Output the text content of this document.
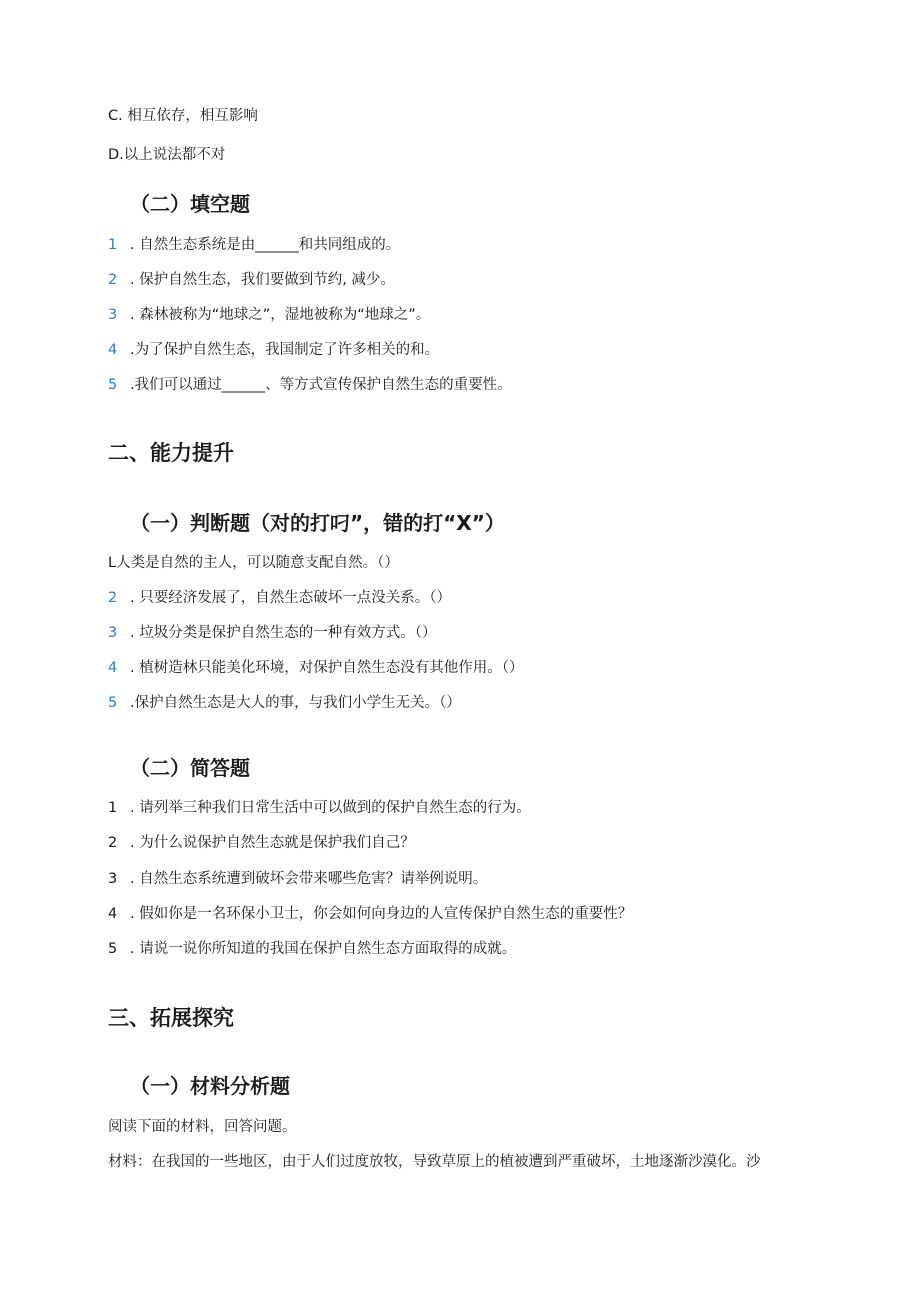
C. 相互依存，相互影响
D.以上说法都不对
（二）填空题
1 . 自然生态系统是由______和共同组成的。
2 . 保护自然生态，我们要做到节约, 减少。
3 . 森林被称为“地球之”，湿地被称为“地球之”。
4 .为了保护自然生态，我国制定了许多相关的和。
5 .我们可以通过______、等方式宣传保护自然生态的重要性。
二、能力提升
（一）判断题（对的打叼”，错的打“X”）
L人类是自然的主人，可以随意支配自然。（）
2 . 只要经济发展了，自然生态破坏一点没关系。（）
3 . 垃圾分类是保护自然生态的一种有效方式。（）
4 . 植树造林只能美化环境，对保护自然生态没有其他作用。（）
5 .保护自然生态是大人的事，与我们小学生无关。（）
（二）简答题
1 . 请列举三种我们日常生活中可以做到的保护自然生态的行为。
2 . 为什么说保护自然生态就是保护我们自己？
3 . 自然生态系统遭到破坏会带来哪些危害？请举例说明。
4 . 假如你是一名环保小卫士，你会如何向身边的人宣传保护自然生态的重要性？
5 . 请说一说你所知道的我国在保护自然生态方面取得的成就。
三、拓展探究
（一）材料分析题
阅读下面的材料，回答问题。
材料：在我国的一些地区，由于人们过度放牧，导致草原上的植被遭到严重破坏，土地逐渐沙漠化。沙
